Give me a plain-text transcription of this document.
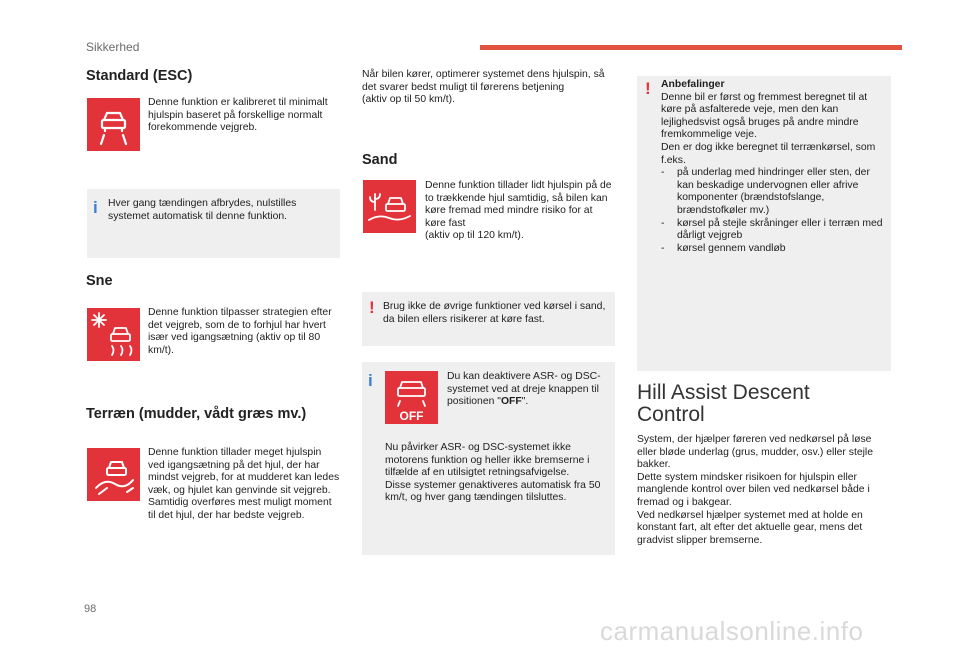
Sikkerhed
Standard (ESC)
Denne funktion er kalibreret til minimalt hjulspin baseret på forskellige normalt forekommende vejgreb.
i Hver gang tændingen afbrydes, nulstilles systemet automatisk til denne funktion.
Sne
Denne funktion tilpasser strategien efter det vejgreb, som de to forhjul har hvert især ved igangsætning (aktiv op til 80 km/t).
Terræn (mudder, vådt græs mv.)
Denne funktion tillader meget hjulspin ved igangsætning på det hjul, der har mindst vejgreb, for at mudderet kan ledes væk, og hjulet kan genvinde sit vejgreb. Samtidig overføres mest muligt moment til det hjul, der har bedste vejgreb.
Når bilen kører, optimerer systemet dens hjulspin, så det svarer bedst muligt til førerens betjening
(aktiv op til 50 km/t).
Sand
Denne funktion tillader lidt hjulspin på de to trækkende hjul samtidig, så bilen kan køre fremad med mindre risiko for at køre fast
(aktiv op til 120 km/t).
! Brug ikke de øvrige funktioner ved kørsel i sand, da bilen ellers risikerer at køre fast.
i
OFF
Du kan deaktivere ASR- og DSC-systemet ved at dreje knappen til positionen "OFF".
Nu påvirker ASR- og DSC-systemet ikke motorens funktion og heller ikke bremserne i tilfælde af en utilsigtet retningsafvigelse.
Disse systemer genaktiveres automatisk fra 50 km/t, og hver gang tændingen tilsluttes.
! Anbefalinger
Denne bil er først og fremmest beregnet til at køre på asfalterede veje, men den kan lejlighedsvist også bruges på andre mindre fremkommelige veje.
Den er dog ikke beregnet til terrænkørsel, som f.eks.
-	på underlag med hindringer eller sten, der kan beskadige undervognen eller afrive komponenter (brændstofslange, brændstofkøler mv.)
-	kørsel på stejle skråninger eller i terræn med dårligt vejgreb
-	kørsel gennem vandløb
Hill Assist Descent
Control
System, der hjælper føreren ved nedkørsel på løse eller bløde underlag (grus, mudder, osv.) eller stejle bakker.
Dette system mindsker risikoen for hjulspin eller manglende kontrol over bilen ved nedkørsel både i fremad og i bakgear.
Ved nedkørsel hjælper systemet med at holde en konstant fart, alt efter det aktuelle gear, mens det gradvist slipper bremserne.
98
carmanualsonline.info
